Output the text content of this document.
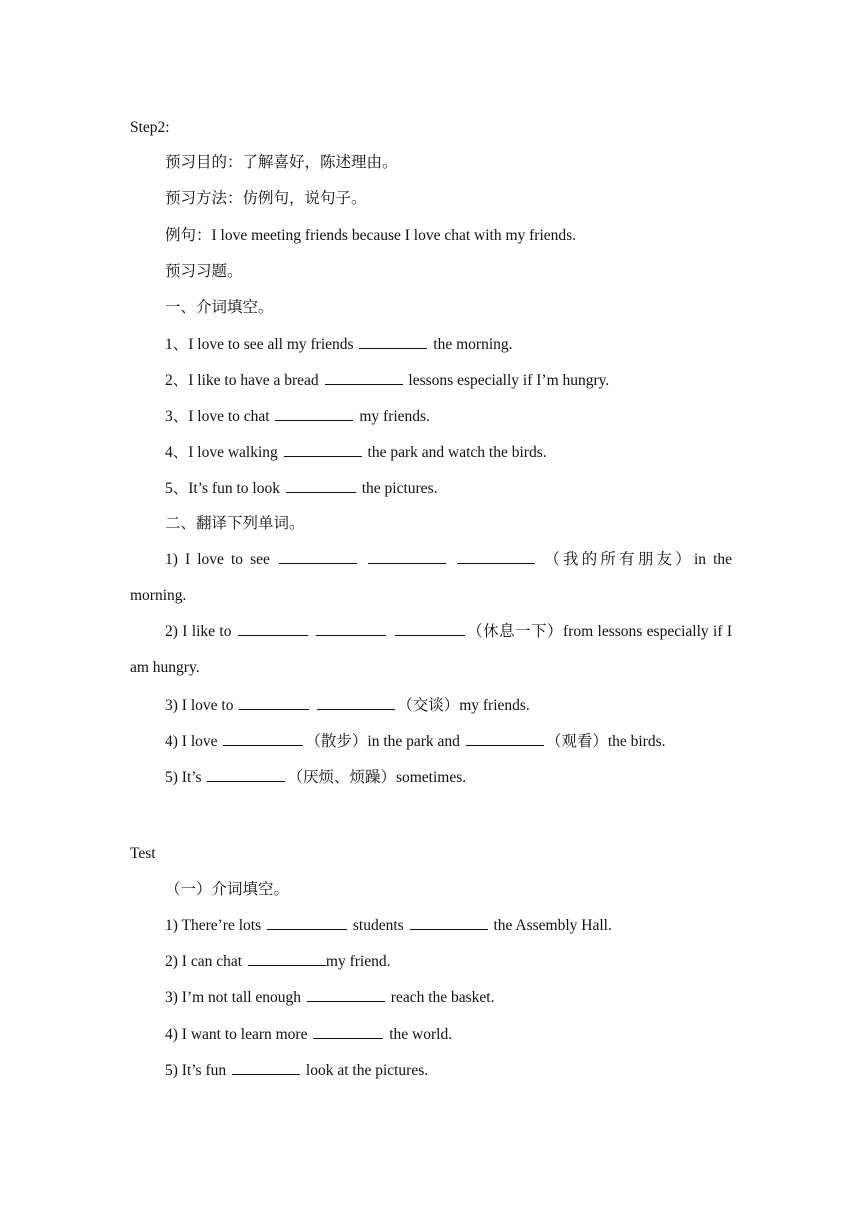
Step2:
预习目的：了解喜好，陈述理由。
预习方法：仿例句，说句子。
例句：I love meeting friends because I love chat with my friends.
预习习题。
一、介词填空。
1、I love to see all my friends	the morning.
2、I like to have a bread	lessons especially if I’m hungry.
3、I love to chat	my friends.
4、I love walking	the park and watch the birds.
5、It’s fun to look	the pictures.
二、翻译下列单词。
1) I love to see	（我的所有朋友）in the morning.
2) I like to	（休息一下）from lessons especially if I am hungry.
3) I love to	（交谈）my friends.
4) I love	（散步）in the park and	（观看）the birds.
5) It’s	（厌烦、烦躁）sometimes.
Test
（一）介词填空。
1) There’re lots	students	the Assembly Hall.
2) I can chat	my friend.
3) I’m not tall enough	reach the basket.
4) I want to learn more	the world.
5) It’s fun	look at the pictures.
